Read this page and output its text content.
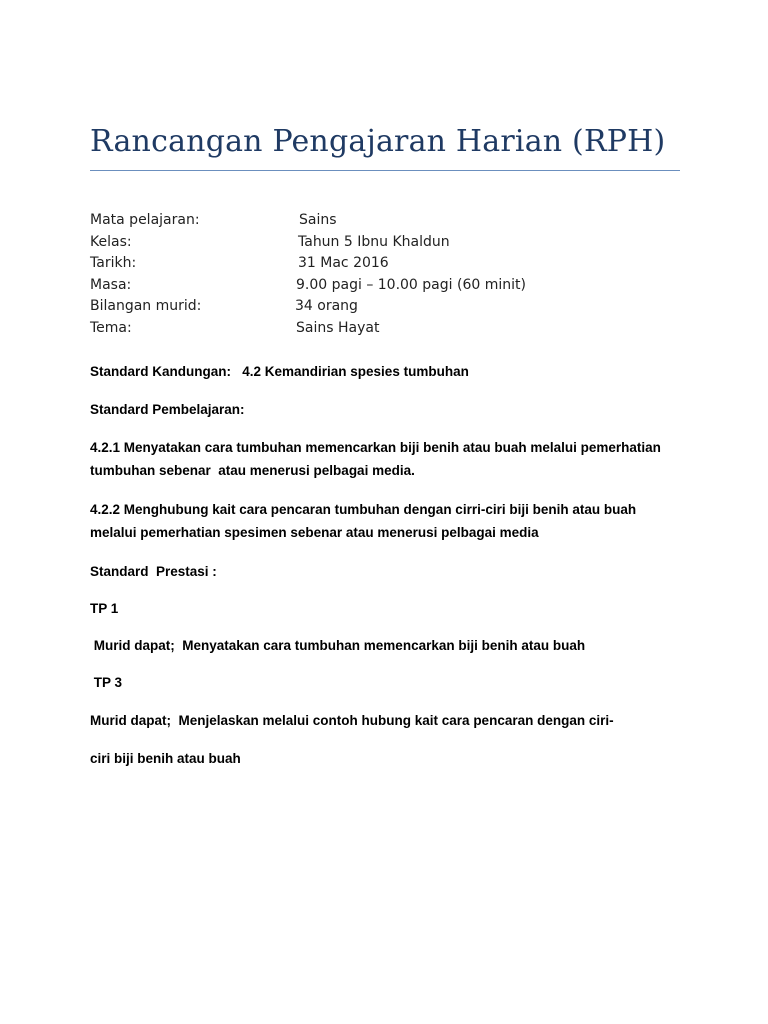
Rancangan Pengajaran Harian (RPH)
Mata pelajaran:	Sains
Kelas:	Tahun 5 Ibnu Khaldun
Tarikh:	31 Mac 2016
Masa:	9.00 pagi – 10.00 pagi (60 minit)
Bilangan murid:	34 orang
Tema:	Sains Hayat
Standard Kandungan:   4.2 Kemandirian spesies tumbuhan
Standard Pembelajaran:
4.2.1 Menyatakan cara tumbuhan memencarkan biji benih atau buah melalui pemerhatian
tumbuhan sebenar  atau menerusi pelbagai media.
4.2.2 Menghubung kait cara pencaran tumbuhan dengan cirri-ciri biji benih atau buah
melalui pemerhatian spesimen sebenar atau menerusi pelbagai media
Standard  Prestasi :
TP 1
Murid dapat;  Menyatakan cara tumbuhan memencarkan biji benih atau buah
TP 3
Murid dapat;  Menjelaskan melalui contoh hubung kait cara pencaran dengan ciri-
ciri biji benih atau buah
